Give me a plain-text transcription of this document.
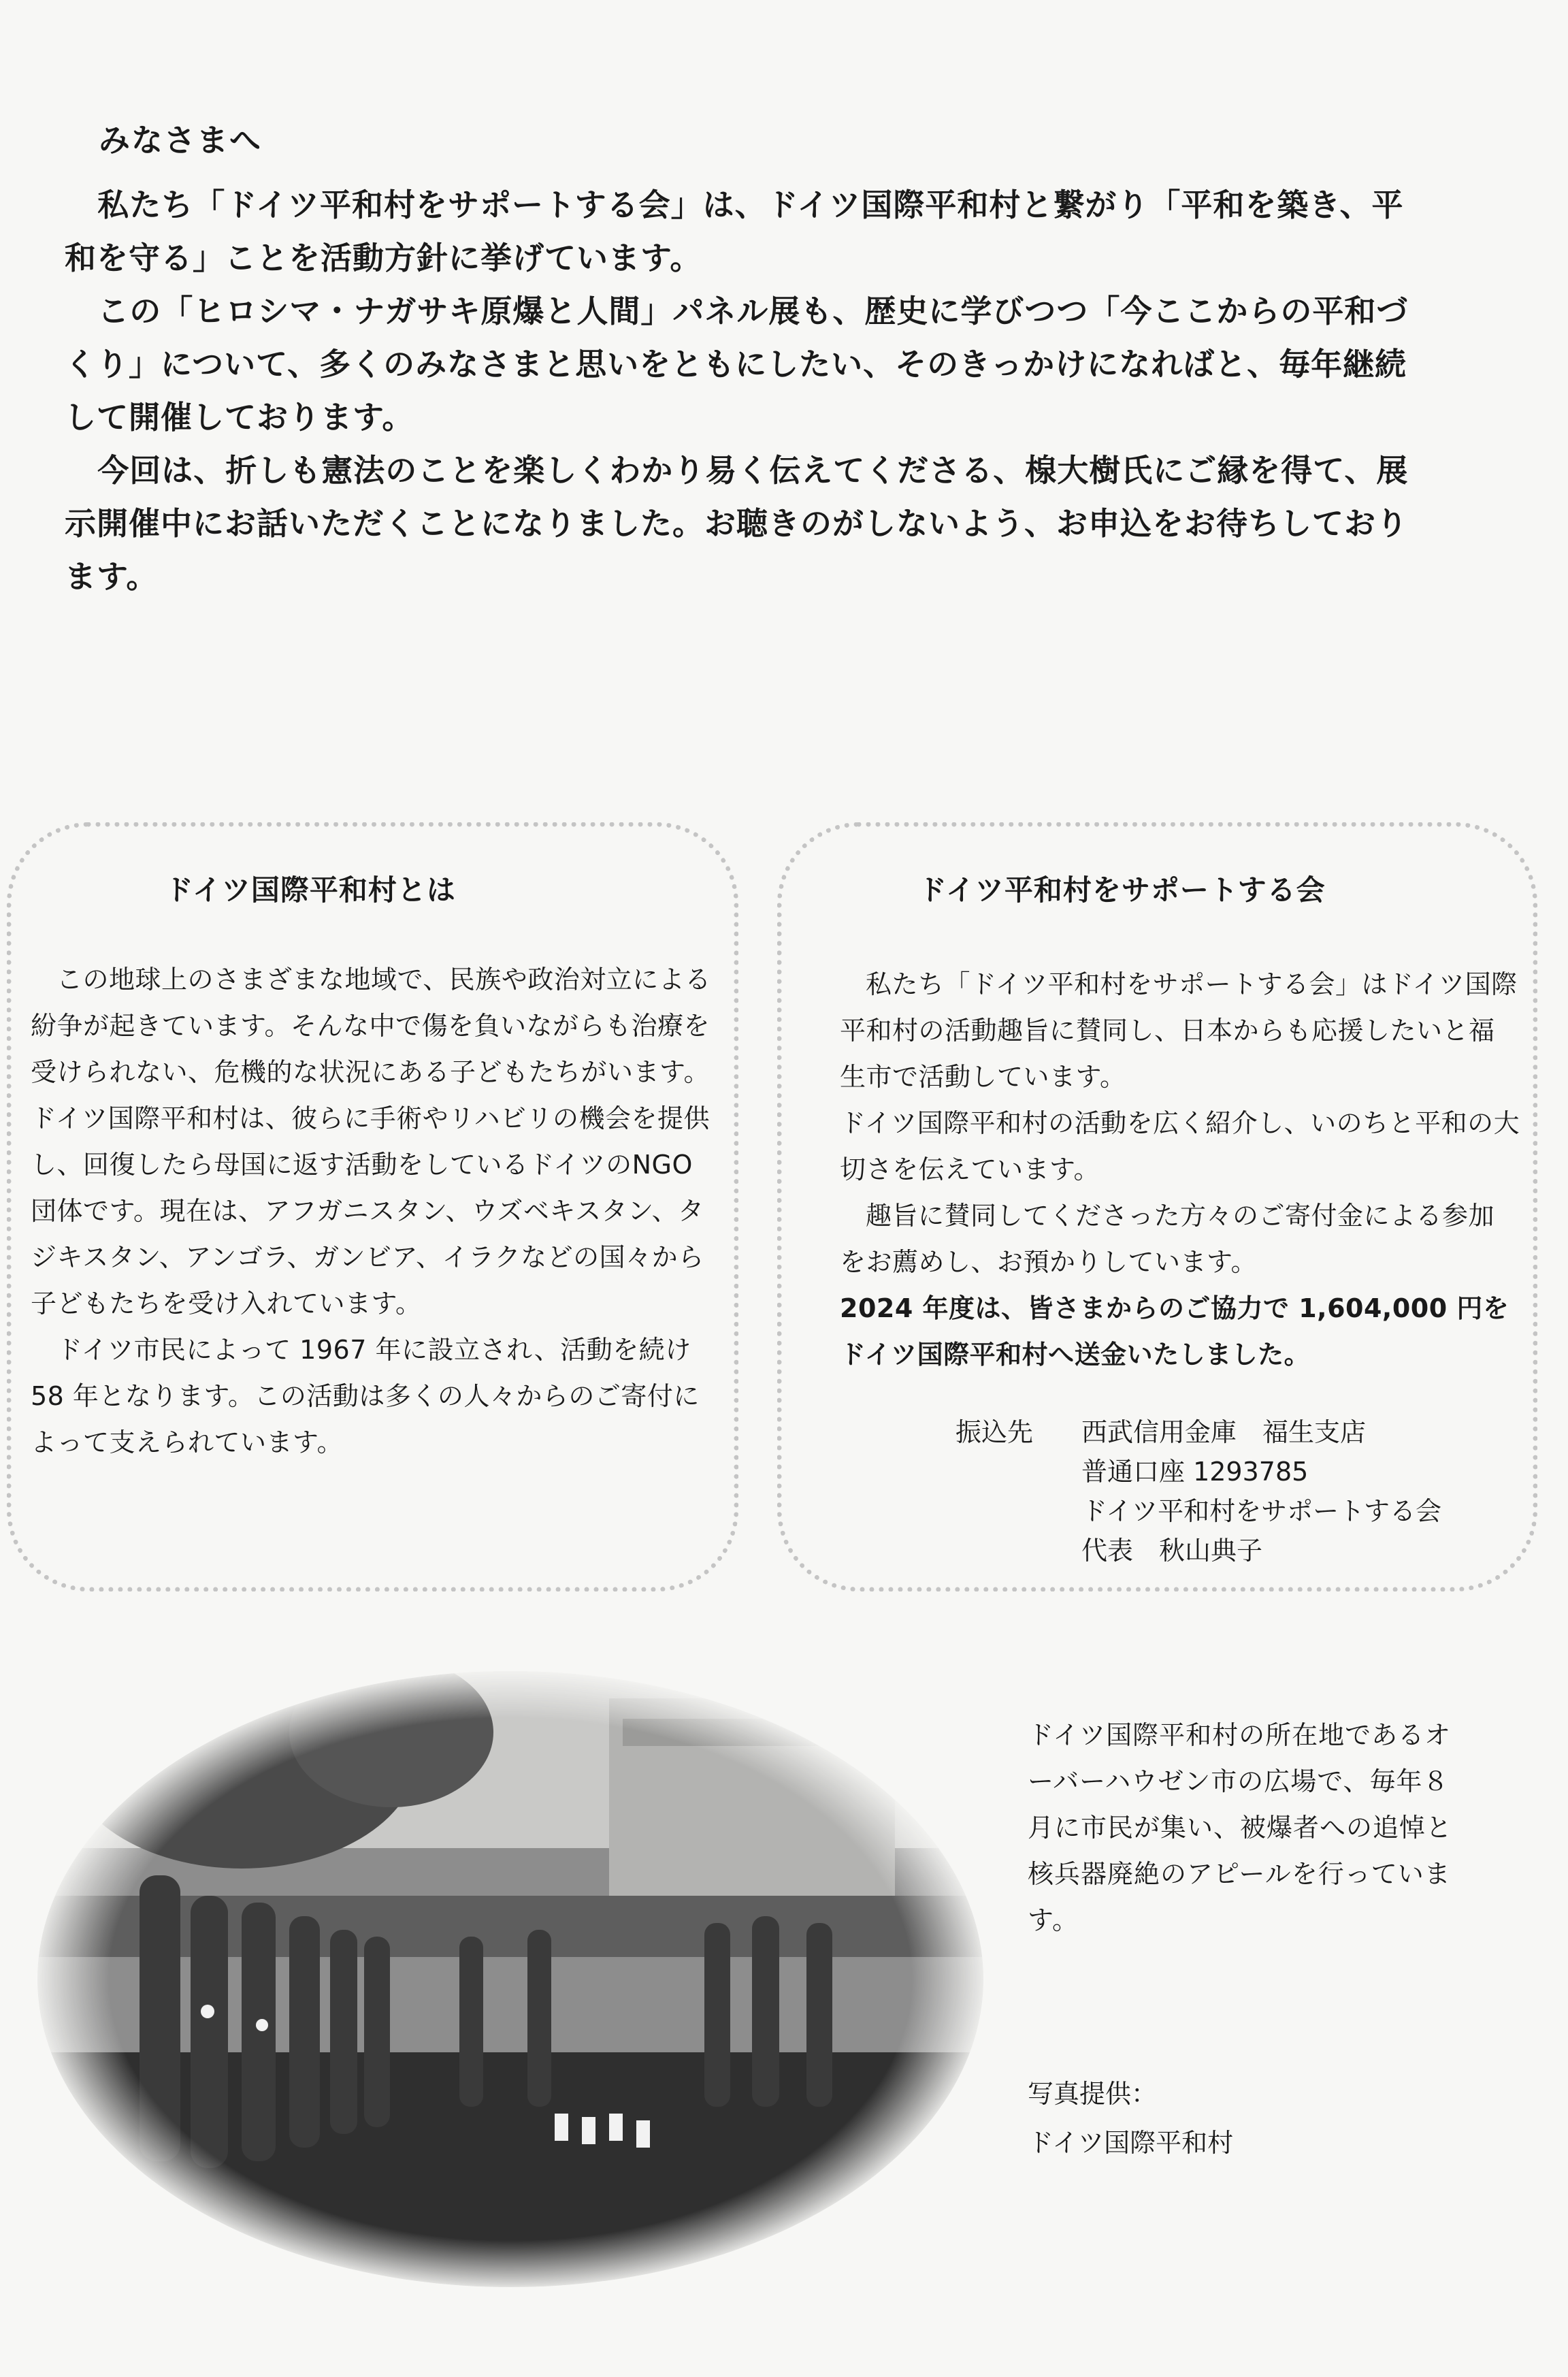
みなさまへ

私たち「ドイツ平和村をサポートする会」は、ドイツ国際平和村と繋がり「平和を築き、平和を守る」ことを活動方針に挙げています。

この「ヒロシマ・ナガサキ原爆と人間」パネル展も、歴史に学びつつ「今ここからの平和づくり」について、多くのみなさまと思いをともにしたい、そのきっかけになればと、毎年継続して開催しております。

今回は、折しも憲法のことを楽しくわかり易く伝えてくださる、楾大樹氏にご縁を得て、展示開催中にお話いただくことになりました。お聴きのがしないよう、お申込をお待ちしております。

ドイツ国際平和村とは

この地球上のさまざまな地域で、民族や政治対立による紛争が起きています。そんな中で傷を負いながらも治療を受けられない、危機的な状況にある子どもたちがいます。ドイツ国際平和村は、彼らに手術やリハビリの機会を提供し、回復したら母国に返す活動をしているドイツのNGO団体です。現在は、アフガニスタン、ウズベキスタン、タジキスタン、アンゴラ、ガンビア、イラクなどの国々から子どもたちを受け入れています。

ドイツ市民によって 1967 年に設立され、活動を続け 58 年となります。この活動は多くの人々からのご寄付によって支えられています。

ドイツ平和村をサポートする会

私たち「ドイツ平和村をサポートする会」はドイツ国際平和村の活動趣旨に賛同し、日本からも応援したいと福生市で活動しています。

ドイツ国際平和村の活動を広く紹介し、いのちと平和の大切さを伝えています。

趣旨に賛同してくださった方々のご寄付金による参加をお薦めし、お預かりしています。

2024 年度は、皆さまからのご協力で 1,604,000 円をドイツ国際平和村へ送金いたしました。

振込先	西武信用金庫　福生支店
普通口座 1293785
ドイツ平和村をサポートする会
代表　秋山典子

ドイツ国際平和村の所在地であるオーバーハウゼン市の広場で、毎年８月に市民が集い、被爆者への追悼と核兵器廃絶のアピールを行っています。

写真提供：

ドイツ国際平和村
